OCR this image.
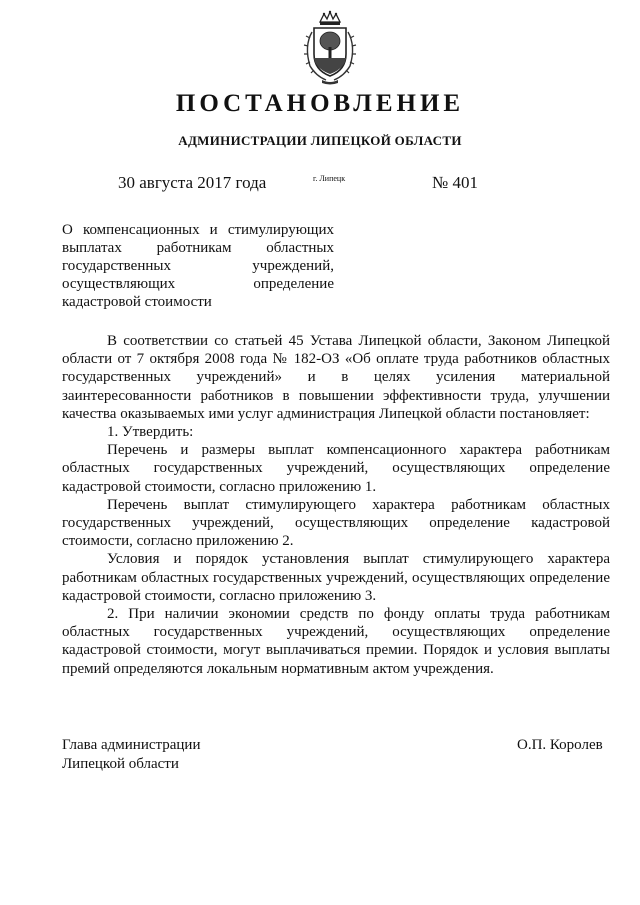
ПОСТАНОВЛЕНИЕ
АДМИНИСТРАЦИИ ЛИПЕЦКОЙ ОБЛАСТИ
30 августа 2017 года	г. Липецк	№ 401
О компенсационных и стимулирующих
выплатах работникам областных
государственных учреждений,
осуществляющих определение
кадастровой стоимости

В соответствии со статьей 45 Устава Липецкой области, Законом Липецкой области от 7 октября 2008 года № 182-ОЗ «Об оплате труда работников областных государственных учреждений» и в целях усиления материальной заинтересованности работников в повышении эффективности труда, улучшении качества оказываемых ими услуг администрация Липецкой области постановляет:

1. Утвердить:

Перечень и размеры выплат компенсационного характера работникам областных государственных учреждений, осуществляющих определение кадастровой стоимости, согласно приложению 1.

Перечень выплат стимулирующего характера работникам областных государственных учреждений, осуществляющих определение кадастровой стоимости, согласно приложению 2.

Условия и порядок установления выплат стимулирующего характера работникам областных государственных учреждений, осуществляющих определение кадастровой стоимости, согласно приложению 3.

2. При наличии экономии средств по фонду оплаты труда работникам областных государственных учреждений, осуществляющих определение кадастровой стоимости, могут выплачиваться премии. Порядок и условия выплаты премий определяются локальным нормативным актом учреждения.

Глава администрации
Липецкой области
О.П. Королев
